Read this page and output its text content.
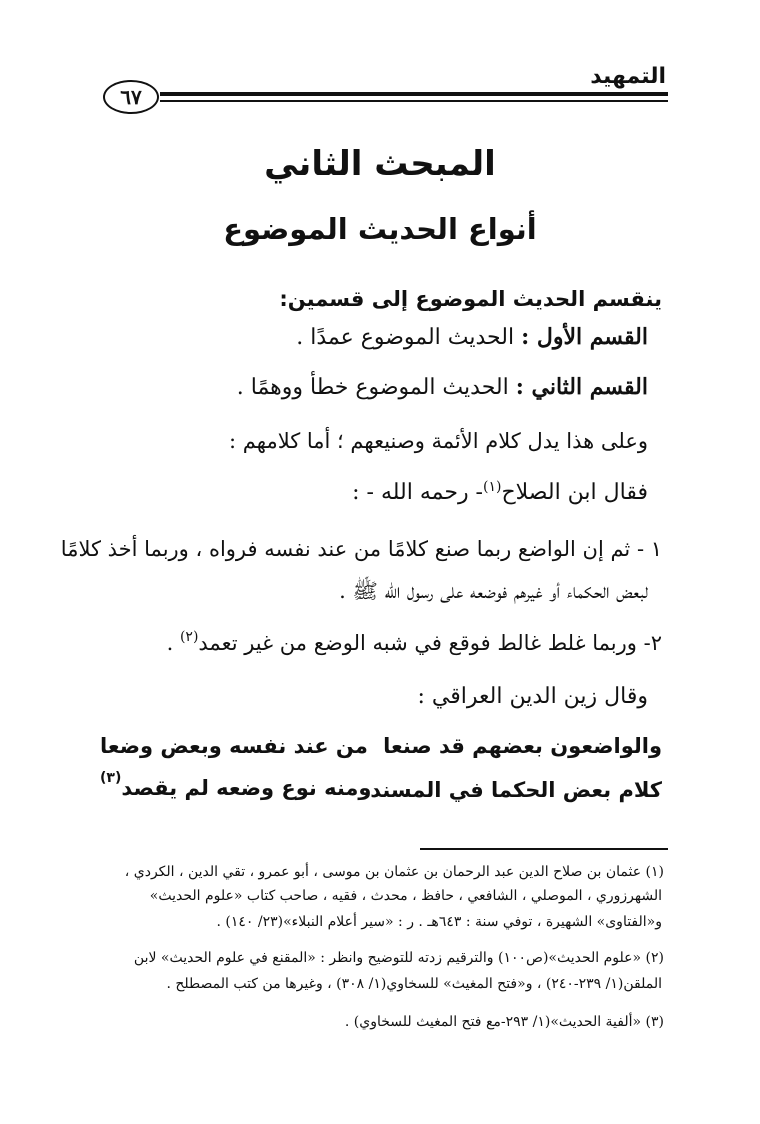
التمهيد
٦٧
المبحث الثاني
أنواع الحديث الموضوع
ينقسم الحديث الموضوع إلى قسمين:
القسم الأول : الحديث الموضوع عمدًا .
القسم الثاني : الحديث الموضوع خطأ ووهمًا .
وعلى هذا يدل كلام الأئمة وصنيعهم ؛ أما كلامهم :
فقال ابن الصلاح$^{(١)}$- رحمه الله - :
١ - ثم إن الواضع ربما صنع كلامًا من عند نفسه فرواه ، وربما أخذ كلامًا
لبعض الحكماء أو غيرهم فوضعه على رسول الله ﷺ .
٢- وربما غلط غالط فوقع في شبه الوضع من غير تعمد$^{(٢)}$ .
وقال زين الدين العراقي :
والواضعون بعضهم قد صنعا
من عند نفسه وبعض وضعا
كلام بعض الحكما في المسند
ومنه نوع وضعه لم يقصد$^{(٣)}$
(١) عثمان بن صلاح الدين عبد الرحمان بن عثمان بن موسى ، أبو عمرو ، تقي الدين ، الكردي ،
الشهرزوري ، الموصلي ، الشافعي ، حافظ ، محدث ، فقيه ، صاحب كتاب «علوم الحديث»
و«الفتاوى» الشهيرة ، توفي سنة : ٦٤٣هـ . ر : «سير أعلام النبلاء»(٢٣/ ١٤٠) .
(٢) «علوم الحديث»(ص١٠٠) والترقيم زدته للتوضيح وانظر : «المقنع في علوم الحديث» لابن
الملقن(١/ ٢٣٩-٢٤٠) ، و«فتح المغيث» للسخاوي(١/ ٣٠٨) ، وغيرها من كتب المصطلح .
(٣) «ألفية الحديث»(١/ ٢٩٣-مع فتح المغيث للسخاوي) .
